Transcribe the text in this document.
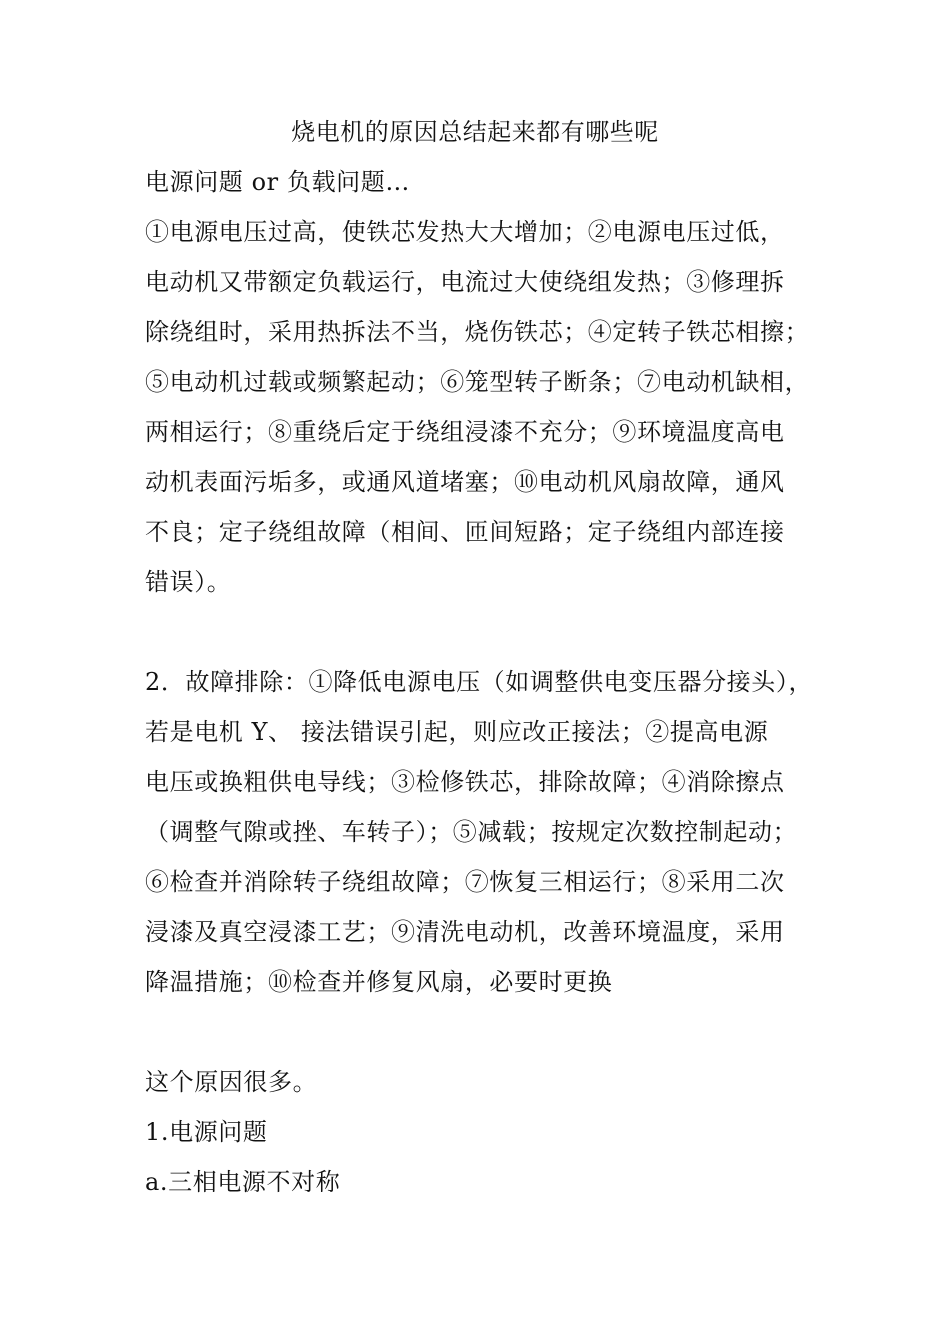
烧电机的原因总结起来都有哪些呢
电源问题 or 负载问题…
①电源电压过高，使铁芯发热大大增加；②电源电压过低，
电动机又带额定负载运行，电流过大使绕组发热；③修理拆
除绕组时，采用热拆法不当，烧伤铁芯；④定转子铁芯相擦；
⑤电动机过载或频繁起动；⑥笼型转子断条；⑦电动机缺相，
两相运行；⑧重绕后定于绕组浸漆不充分；⑨环境温度高电
动机表面污垢多，或通风道堵塞；⑩电动机风扇故障，通风
不良；定子绕组故障（相间、匝间短路；定子绕组内部连接
错误）。
2．故障排除：①降低电源电压（如调整供电变压器分接头），
若是电机 Y、 接法错误引起，则应改正接法；②提高电源
电压或换粗供电导线；③检修铁芯，排除故障；④消除擦点
（调整气隙或挫、车转子）；⑤减载；按规定次数控制起动；
⑥检查并消除转子绕组故障；⑦恢复三相运行；⑧采用二次
浸漆及真空浸漆工艺；⑨清洗电动机，改善环境温度，采用
降温措施；⑩检查并修复风扇，必要时更换
这个原因很多。
1.电源问题
a.三相电源不对称
